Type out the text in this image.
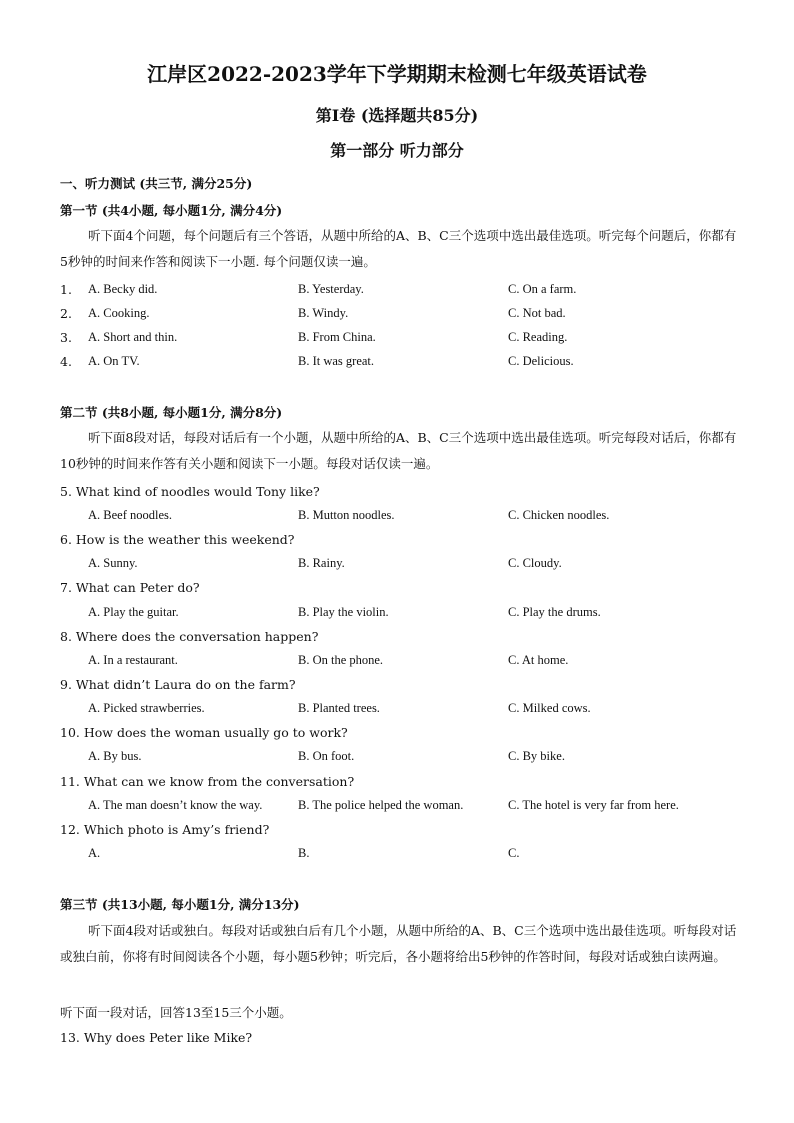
江岸区2022-2023学年下学期期末检测七年级英语试卷
第I卷 (选择题共85分)
第一部分 听力部分
一、听力测试 (共三节, 满分25分)
第一节 (共4小题, 每小题1分, 满分4分)
听下面4个问题，每个问题后有三个答语，从题中所给的A、B、C三个选项中选出最佳选项。听完每个问题后，你都有5秒钟的时间来作答和阅读下一小题. 每个问题仅读一遍。
1. A. Becky did.	B. Yesterday.	C. On a farm.
2. A. Cooking.	B. Windy.	C. Not bad.
3. A. Short and thin.	B. From China.	C. Reading.
4. A. On TV.	B. It was great.	C. Delicious.
第二节 (共8小题, 每小题1分, 满分8分)
听下面8段对话，每段对话后有一个小题，从题中所给的A、B、C三个选项中选出最佳选项。听完每段对话后，你都有10秒钟的时间来作答有关小题和阅读下一小题。每段对话仅读一遍。
5. What kind of noodles would Tony like?
A. Beef noodles.	B. Mutton noodles.	C. Chicken noodles.
6. How is the weather this weekend?
A. Sunny.	B. Rainy.	C. Cloudy.
7. What can Peter do?
A. Play the guitar.	B. Play the violin.	C. Play the drums.
8. Where does the conversation happen?
A. In a restaurant.	B. On the phone.	C. At home.
9. What didn’t Laura do on the farm?
A. Picked strawberries.	B. Planted trees.	C. Milked cows.
10. How does the woman usually go to work?
A. By bus.	B. On foot.	C. By bike.
11. What can we know from the conversation?
A. The man doesn’t know the way.	B. The police helped the woman.	C. The hotel is very far from here.
12. Which photo is Amy’s friend?
A.	B.	C.
第三节 (共13小题, 每小题1分, 满分13分)
听下面4段对话或独白。每段对话或独白后有几个小题，从题中所给的A、B、C三个选项中选出最佳选项。听每段对话或独白前，你将有时间阅读各个小题，每小题5秒钟；听完后，各小题将给出5秒钟的作答时间，每段对话或独白读两遍。
听下面一段对话，回答13至15三个小题。
13. Why does Peter like Mike?
